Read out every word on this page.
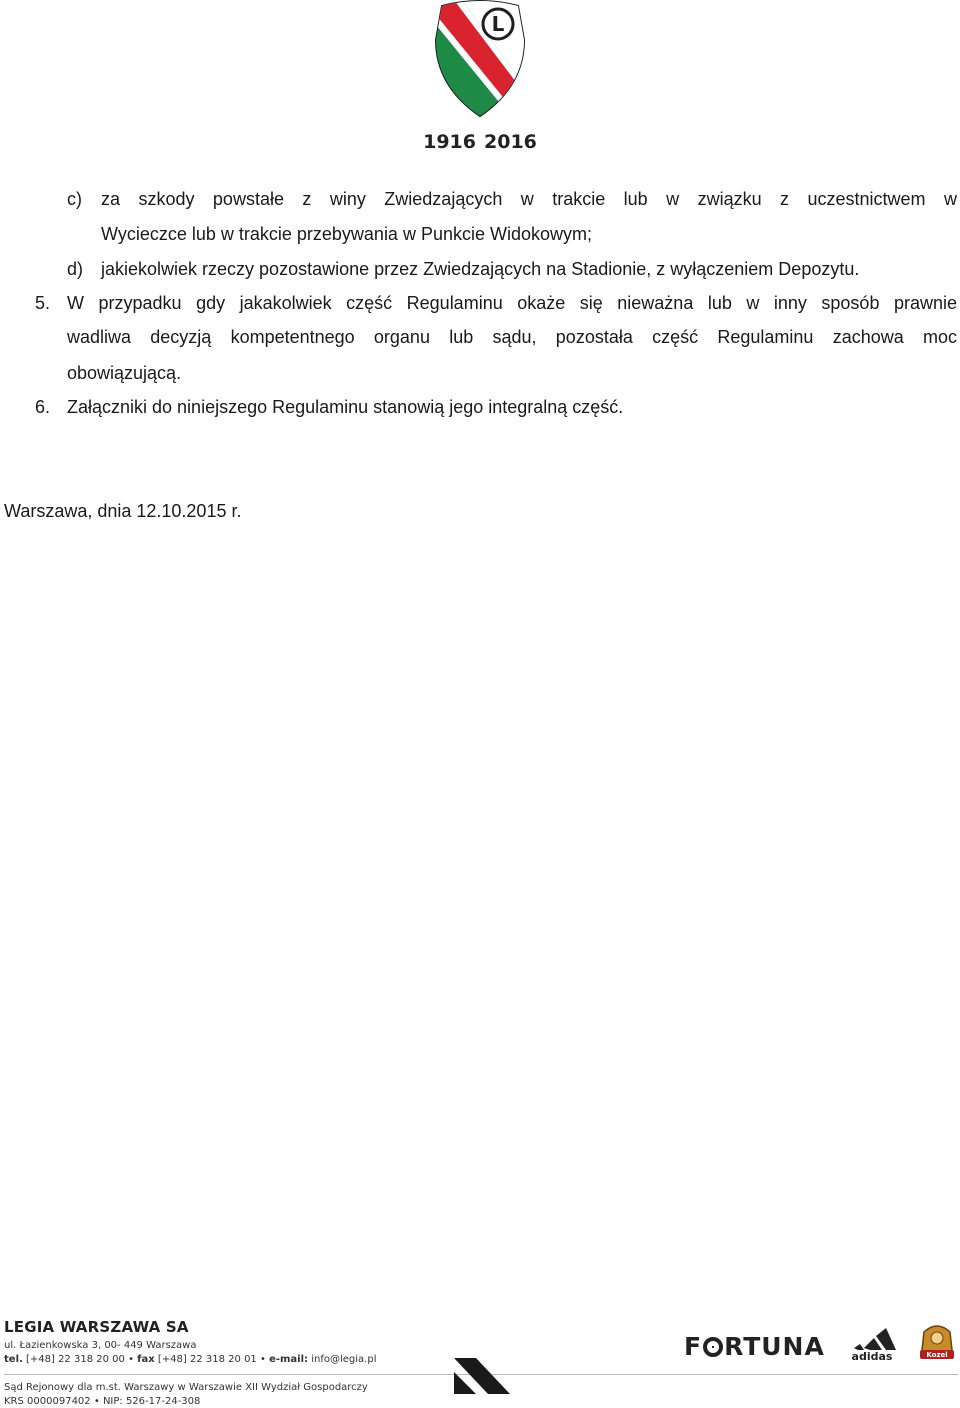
L
1916 2016
c) za szkody powstałe z winy Zwiedzających w trakcie lub w związku z uczestnictwem w
Wycieczce lub w trakcie przebywania w Punkcie Widokowym;
d) jakiekolwiek rzeczy pozostawione przez Zwiedzających na Stadionie, z wyłączeniem Depozytu.
5. W przypadku gdy jakakolwiek część Regulaminu okaże się nieważna lub w inny sposób prawnie
wadliwa decyzją kompetentnego organu lub sądu, pozostała część Regulaminu zachowa moc
obowiązującą.
6. Załączniki do niniejszego Regulaminu stanowią jego integralną część.
Warszawa, dnia 12.10.2015 r.
LEGIA WARSZAWA SA
ul. Łazienkowska 3, 00- 449 Warszawa
tel. [+48] 22 318 20 00 • fax [+48] 22 318 20 01 • e-mail: info@legia.pl
Sąd Rejonowy dla m.st. Warszawy w Warszawie XII Wydział Gospodarczy
KRS 0000097402 • NIP: 526-17-24-308
F RTUNA adidas	Kozel
